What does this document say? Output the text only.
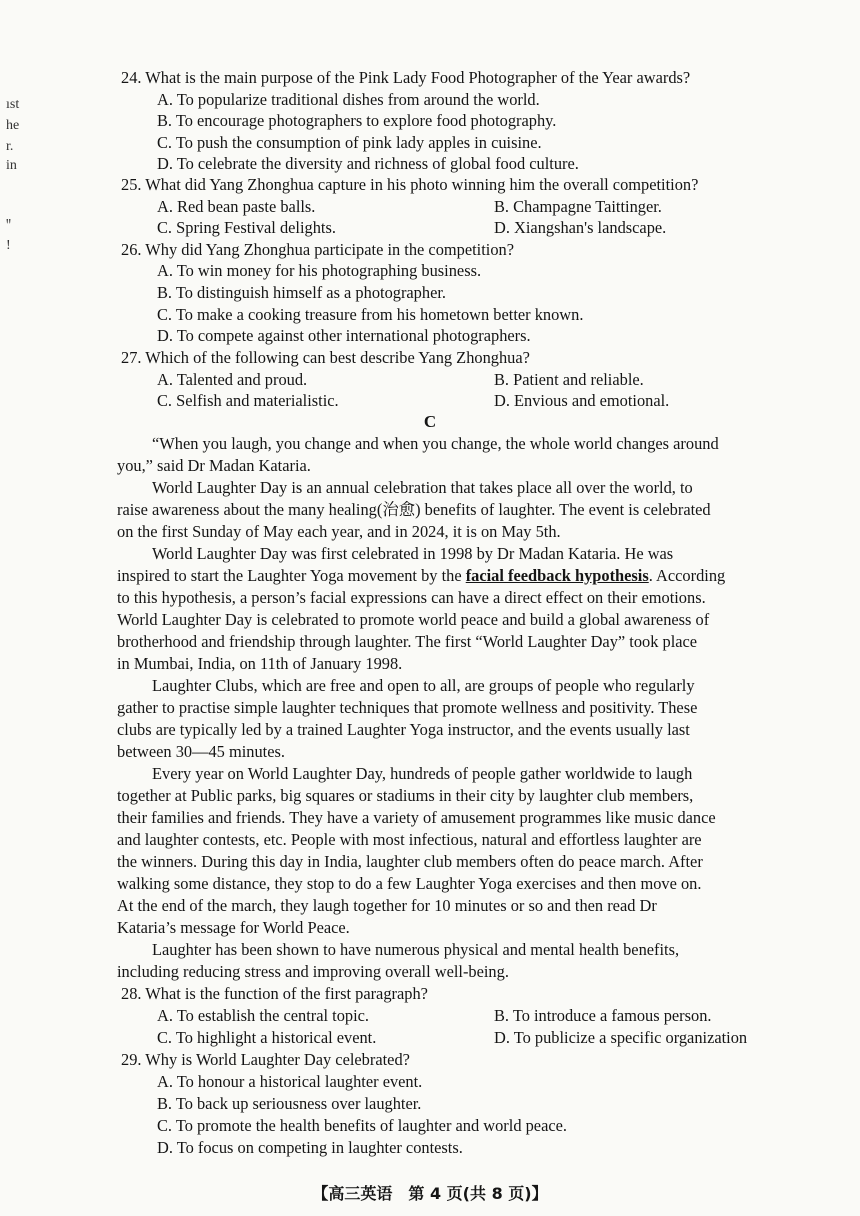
ıst
he
r.
in
ꞌꞌ
!
24. What is the main purpose of the Pink Lady Food Photographer of the Year awards?
A. To popularize traditional dishes from around the world.
B. To encourage photographers to explore food photography.
C. To push the consumption of pink lady apples in cuisine.
D. To celebrate the diversity and richness of global food culture.
25. What did Yang Zhonghua capture in his photo winning him the overall competition?
A. Red bean paste balls.	B. Champagne Taittinger.
C. Spring Festival delights.	D. Xiangshan's landscape.
26. Why did Yang Zhonghua participate in the competition?
A. To win money for his photographing business.
B. To distinguish himself as a photographer.
C. To make a cooking treasure from his hometown better known.
D. To compete against other international photographers.
27. Which of the following can best describe Yang Zhonghua?
A. Talented and proud.	B. Patient and reliable.
C. Selfish and materialistic.	D. Envious and emotional.
C
“When you laugh, you change and when you change, the whole world changes around
you,” said Dr Madan Kataria.
World Laughter Day is an annual celebration that takes place all over the world, to
raise awareness about the many healing(治愈) benefits of laughter. The event is celebrated
on the first Sunday of May each year, and in 2024, it is on May 5th.
World Laughter Day was first celebrated in 1998 by Dr Madan Kataria. He was
inspired to start the Laughter Yoga movement by the facial feedback hypothesis. According
to this hypothesis, a person’s facial expressions can have a direct effect on their emotions.
World Laughter Day is celebrated to promote world peace and build a global awareness of
brotherhood and friendship through laughter. The first “World Laughter Day” took place
in Mumbai, India, on 11th of January 1998.
Laughter Clubs, which are free and open to all, are groups of people who regularly
gather to practise simple laughter techniques that promote wellness and positivity. These
clubs are typically led by a trained Laughter Yoga instructor, and the events usually last
between 30—45 minutes.
Every year on World Laughter Day, hundreds of people gather worldwide to laugh
together at Public parks, big squares or stadiums in their city by laughter club members,
their families and friends. They have a variety of amusement programmes like music dance
and laughter contests, etc. People with most infectious, natural and effortless laughter are
the winners. During this day in India, laughter club members often do peace march. After
walking some distance, they stop to do a few Laughter Yoga exercises and then move on.
At the end of the march, they laugh together for 10 minutes or so and then read Dr
Kataria’s message for World Peace.
Laughter has been shown to have numerous physical and mental health benefits,
including reducing stress and improving overall well-being.
28. What is the function of the first paragraph?
A. To establish the central topic.	B. To introduce a famous person.
C. To highlight a historical event.	D. To publicize a specific organization
29. Why is World Laughter Day celebrated?
A. To honour a historical laughter event.
B. To back up seriousness over laughter.
C. To promote the health benefits of laughter and world peace.
D. To focus on competing in laughter contests.
【高三英语　第 4 页(共 8 页)】
